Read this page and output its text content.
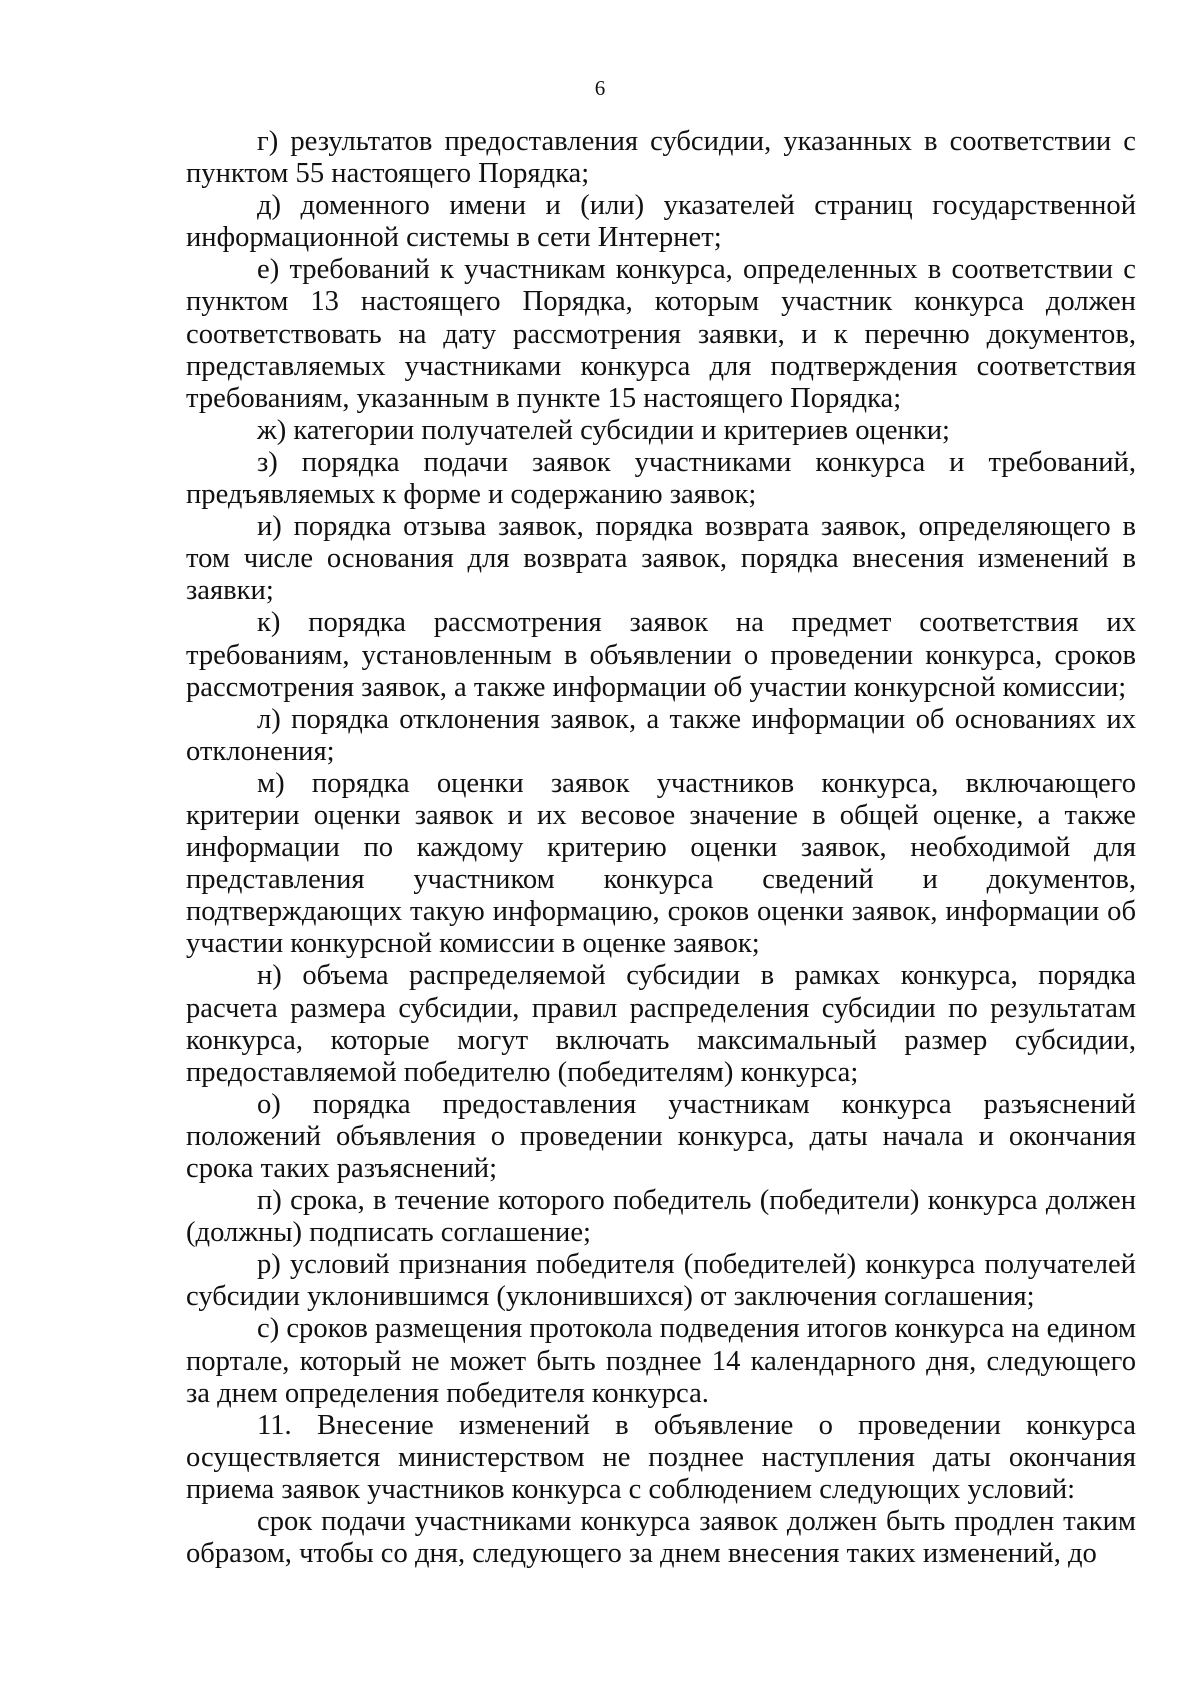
6

г) результатов предоставления субсидии, указанных в соответствии с пунктом 55 настоящего Порядка;

д) доменного имени и (или) указателей страниц государственной информационной системы в сети Интернет;

е) требований к участникам конкурса, определенных в соответствии с пунктом 13 настоящего Порядка, которым участник конкурса должен соответствовать на дату рассмотрения заявки, и к перечню документов, представляемых участниками конкурса для подтверждения соответствия требованиям, указанным в пункте 15 настоящего Порядка;

ж) категории получателей субсидии и критериев оценки;

з) порядка подачи заявок участниками конкурса и требований, предъявляемых к форме и содержанию заявок;

и) порядка отзыва заявок, порядка возврата заявок, определяющего в том числе основания для возврата заявок, порядка внесения изменений в заявки;

к) порядка рассмотрения заявок на предмет соответствия их требованиям, установленным в объявлении о проведении конкурса, сроков рассмотрения заявок, а также информации об участии конкурсной комиссии;

л) порядка отклонения заявок, а также информации об основаниях их отклонения;

м) порядка оценки заявок участников конкурса, включающего критерии оценки заявок и их весовое значение в общей оценке, а также информации по каждому критерию оценки заявок, необходимой для представления участником конкурса сведений и документов, подтверждающих такую информацию, сроков оценки заявок, информации об участии конкурсной комиссии в оценке заявок;

н) объема распределяемой субсидии в рамках конкурса, порядка расчета размера субсидии, правил распределения субсидии по результатам конкурса, которые могут включать максимальный размер субсидии, предоставляемой победителю (победителям) конкурса;

о) порядка предоставления участникам конкурса разъяснений положений объявления о проведении конкурса, даты начала и окончания срока таких разъяснений;

п) срока, в течение которого победитель (победители) конкурса должен (должны) подписать соглашение;

р) условий признания победителя (победителей) конкурса получателей субсидии уклонившимся (уклонившихся) от заключения соглашения;

с) сроков размещения протокола подведения итогов конкурса на едином портале, который не может быть позднее 14 календарного дня, следующего за днем определения победителя конкурса.

11. Внесение изменений в объявление о проведении конкурса осуществляется министерством не позднее наступления даты окончания приема заявок участников конкурса с соблюдением следующих условий:

срок подачи участниками конкурса заявок должен быть продлен таким образом, чтобы со дня, следующего за днем внесения таких изменений, до
